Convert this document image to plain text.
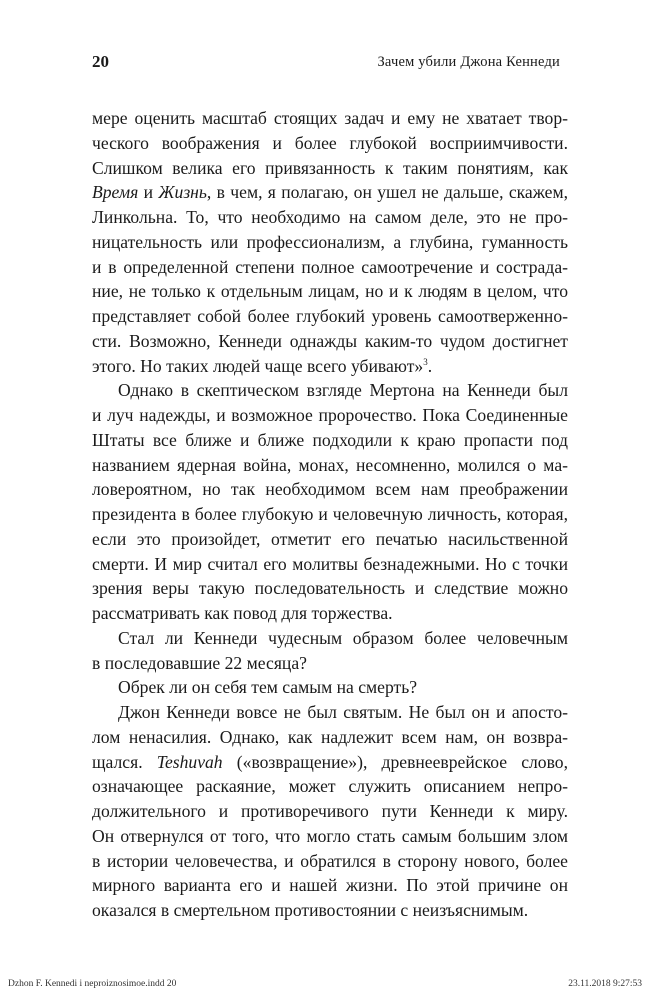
20	Зачем убили Джона Кеннеди
мере оценить масштаб стоящих задач и ему не хватает твор-
ческого воображения и более глубокой восприимчивости.
Слишком велика его привязанность к таким понятиям, как
Время и Жизнь, в чем, я полагаю, он ушел не дальше, скажем,
Линкольна. То, что необходимо на самом деле, это не про-
ницательность или профессионализм, а глубина, гуманность
и в определенной степени полное самоотречение и сострада-
ние, не только к отдельным лицам, но и к людям в целом, что
представляет собой более глубокий уровень самоотверженно-
сти. Возможно, Кеннеди однажды каким-то чудом достигнет
этого. Но таких людей чаще всего убивают»$^3$.
Однако в скептическом взгляде Мертона на Кеннеди был
и луч надежды, и возможное пророчество. Пока Соединенные
Штаты все ближе и ближе подходили к краю пропасти под
названием ядерная война, монах, несомненно, молился о ма-
ловероятном, но так необходимом всем нам преображении
президента в более глубокую и человечную личность, которая,
если это произойдет, отметит его печатью насильственной
смерти. И мир считал его молитвы безнадежными. Но с точки
зрения веры такую последовательность и следствие можно
рассматривать как повод для торжества.
Стал ли Кеннеди чудесным образом более человечным
в последовавшие 22 месяца?
Обрек ли он себя тем самым на смерть?
Джон Кеннеди вовсе не был святым. Не был он и апосто-
лом ненасилия. Однако, как надлежит всем нам, он возвра-
щался. Teshuvah («возвращение»), древнееврейское слово,
означающее раскаяние, может служить описанием непро-
должительного и противоречивого пути Кеннеди к миру.
Он отвернулся от того, что могло стать самым большим злом
в истории человечества, и обратился в сторону нового, более
мирного варианта его и нашей жизни. По этой причине он
оказался в смертельном противостоянии с неизъяснимым.
Dzhon F. Kennedi i neproiznosimoe.indd 20	23.11.2018 9:27:53
